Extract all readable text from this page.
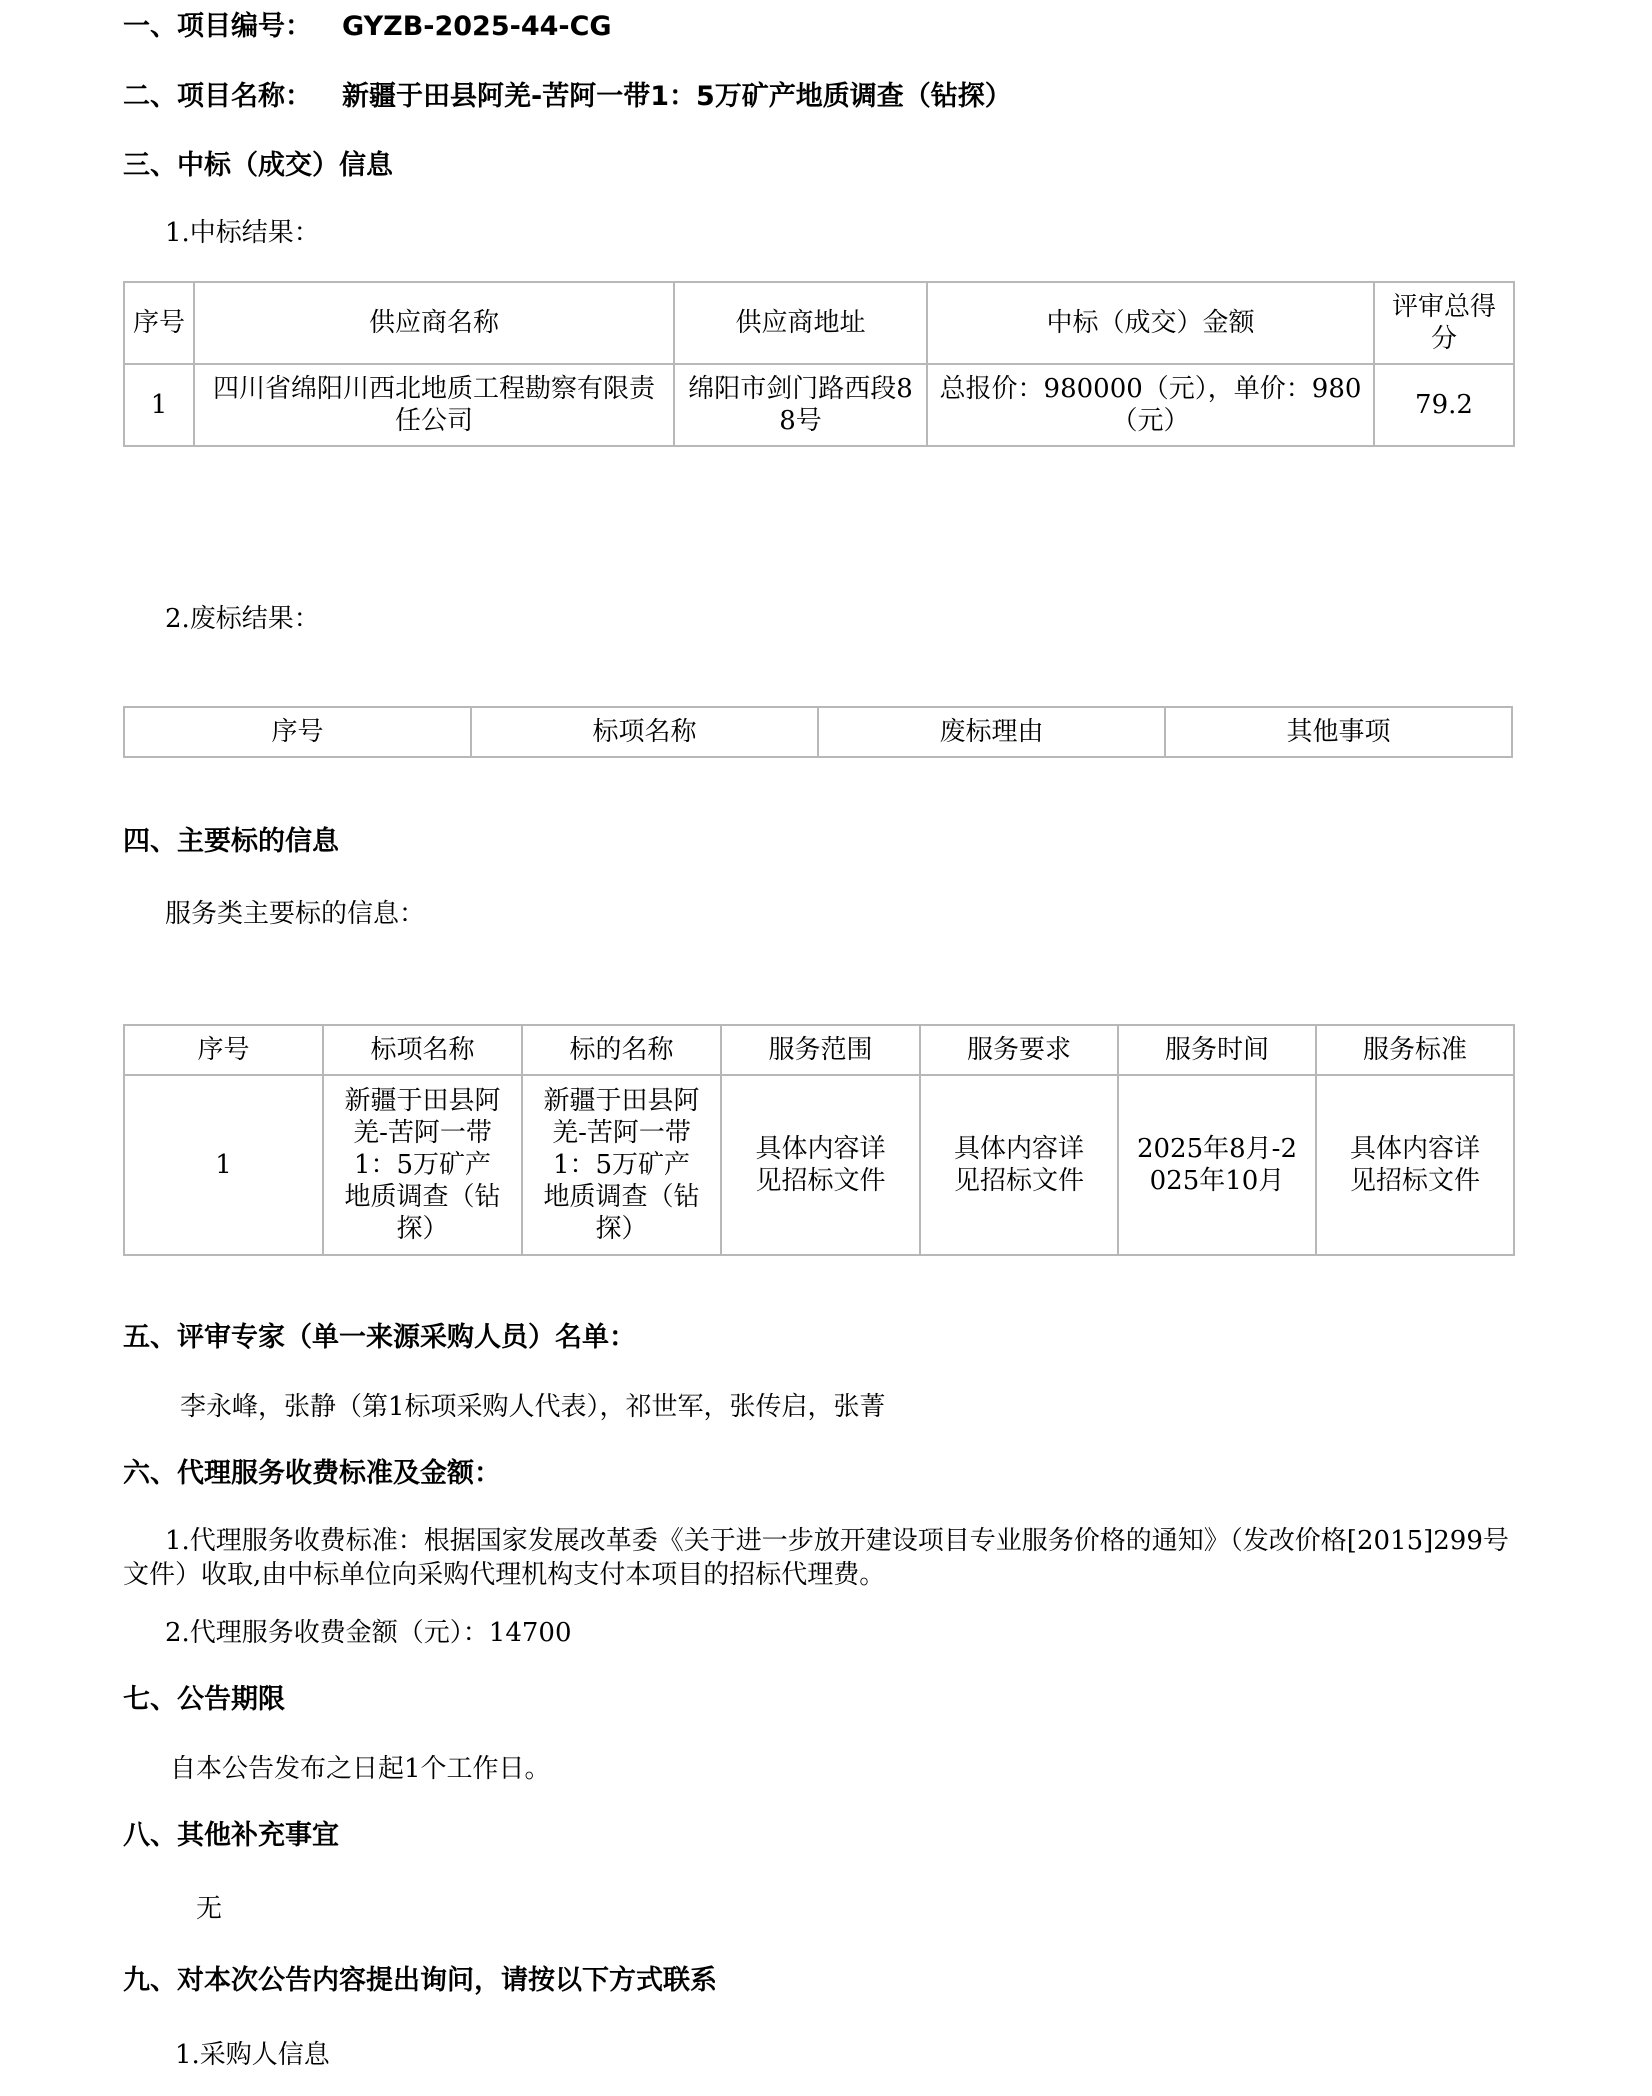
一、项目编号： GYZB-2025-44-CG
二、项目名称： 新疆于田县阿羌-苦阿一带1：5万矿产地质调查（钻探）
三、中标（成交）信息
1.中标结果：
序号	供应商名称	供应商地址	中标（成交）金额	评审总得分
1	四川省绵阳川西北地质工程勘察有限责任公司	绵阳市剑门路西段88号	总报价：980000（元），单价：980（元）	79.2
2.废标结果：
序号	标项名称	废标理由	其他事项
四、主要标的信息
服务类主要标的信息：
序号	标项名称	标的名称	服务范围	服务要求	服务时间	服务标准
1	新疆于田县阿羌-苦阿一带1：5万矿产地质调查（钻探）	新疆于田县阿羌-苦阿一带1：5万矿产地质调查（钻探）	具体内容详见招标文件	具体内容详见招标文件	2025年8月-2025年10月	具体内容详见招标文件
五、评审专家（单一来源采购人员）名单：
李永峰，张静（第1标项采购人代表），祁世军，张传启，张菁
六、代理服务收费标准及金额：
1.代理服务收费标准：根据国家发展改革委《关于进一步放开建设项目专业服务价格的通知》（发改价格[2015]299号文件）收取,由中标单位向采购代理机构支付本项目的招标代理费。
2.代理服务收费金额（元）：14700
七、公告期限
自本公告发布之日起1个工作日。
八、其他补充事宜
无
九、对本次公告内容提出询问，请按以下方式联系
1.采购人信息
